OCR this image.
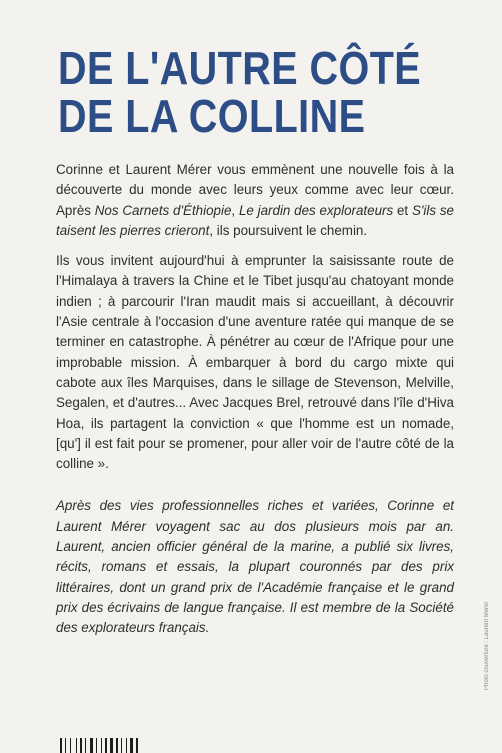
DE L'AUTRE CÔTÉ
DE LA COLLINE

Corinne et Laurent Mérer vous emmènent une nouvelle fois à la découverte du monde avec leurs yeux comme avec leur cœur. Après Nos Carnets d'Éthiopie, Le jardin des explorateurs et S'ils se taisent les pierres crieront, ils poursuivent le chemin.

Ils vous invitent aujourd'hui à emprunter la saisissante route de l'Himalaya à travers la Chine et le Tibet jusqu'au chatoyant monde indien ; à parcourir l'Iran maudit mais si accueillant, à découvrir l'Asie centrale à l'occasion d'une aventure ratée qui manque de se terminer en catastrophe. À pénétrer au cœur de l'Afrique pour une improbable mission. À embarquer à bord du cargo mixte qui cabote aux îles Marquises, dans le sillage de Stevenson, Melville, Segalen, et d'autres... Avec Jacques Brel, retrouvé dans l'île d'Hiva Hoa, ils partagent la conviction « que l'homme est un nomade, [qu'] il est fait pour se promener, pour aller voir de l'autre côté de la colline ».

Après des vies professionnelles riches et variées, Corinne et Laurent Mérer voyagent sac au dos plusieurs mois par an. Laurent, ancien officier général de la marine, a publié six livres, récits, romans et essais, la plupart couronnés par des prix littéraires, dont un grand prix de l'Académie française et le grand prix des écrivains de langue française. Il est membre de la Société des explorateurs français.	Photo couverture : Laurent Mérer
